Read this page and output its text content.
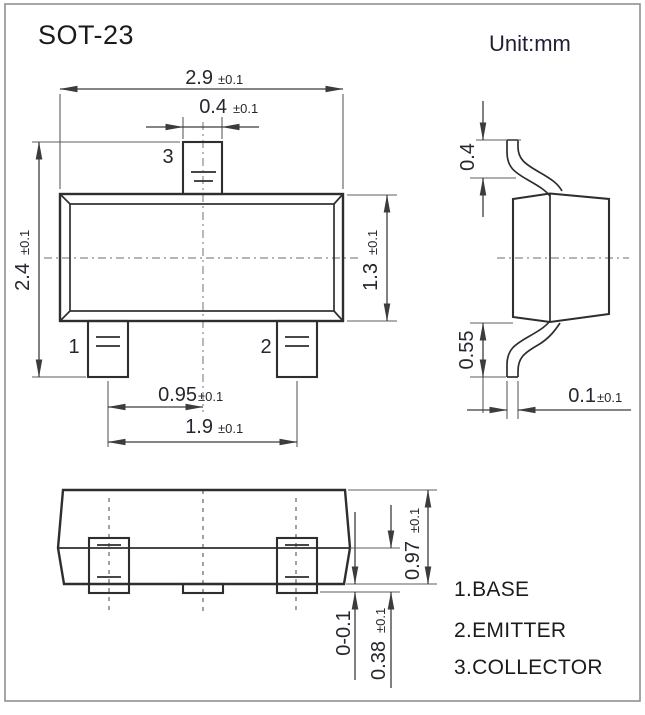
SOT-23	Unit:mm
1	2
3
2.9 ±0.1
0.4 ±0.1
2.4
±0.1
1.3
±0.1
0.95 ±0.1
1.9 ±0.1
0.4
0.55
0.1 ±0.1
0.97
±0.1
0-0.1
0.38
±0.1
1.BASE
2.EMITTER
3.COLLECTOR
